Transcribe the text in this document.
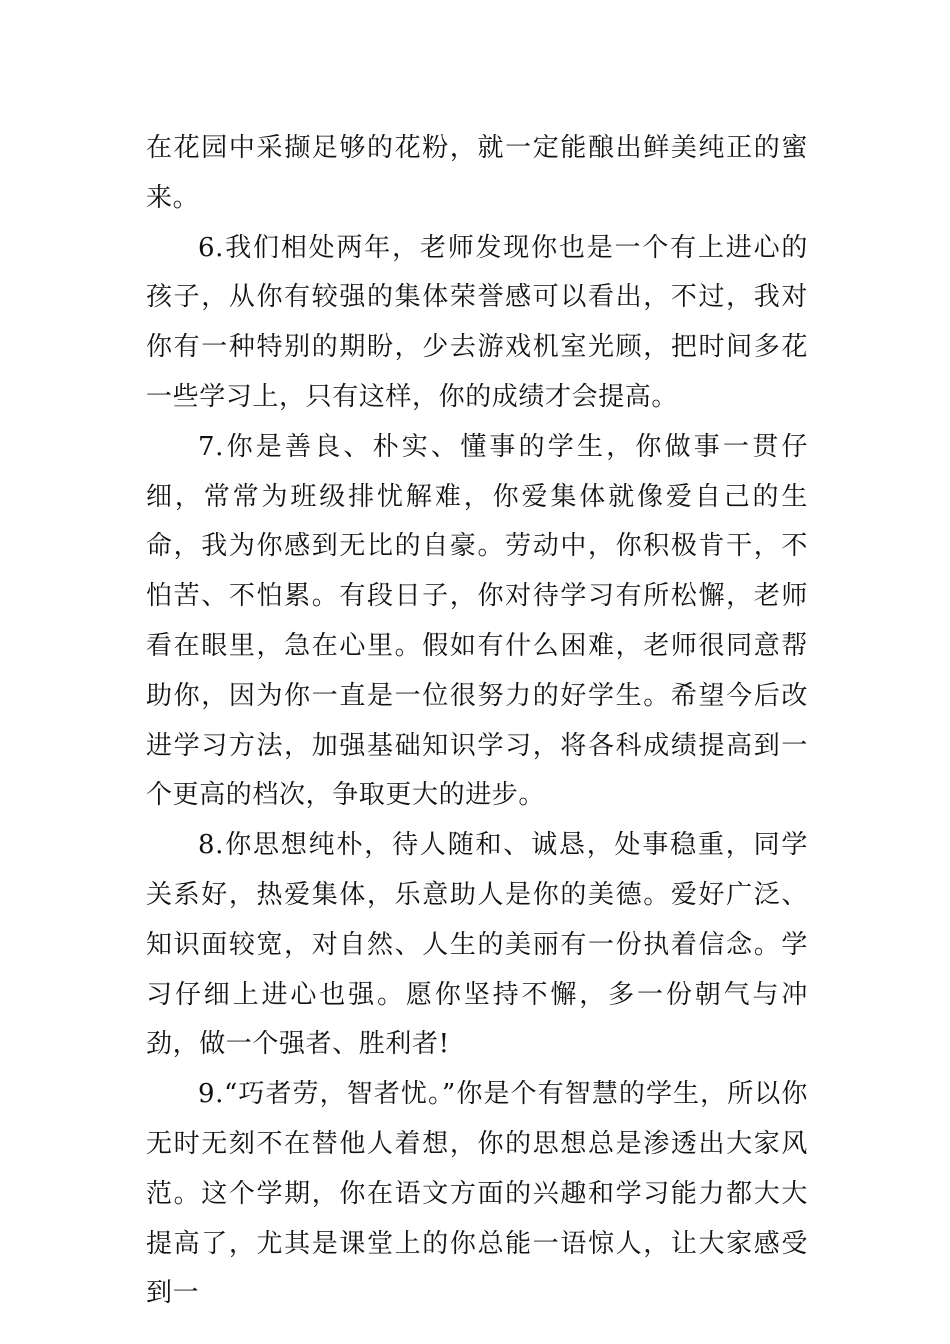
在花园中采撷足够的花粉，就一定能酿出鲜美纯正的蜜来。

6.我们相处两年，老师发现你也是一个有上进心的孩子，从你有较强的集体荣誉感可以看出，不过，我对你有一种特别的期盼，少去游戏机室光顾，把时间多花一些学习上，只有这样，你的成绩才会提高。

7.你是善良、朴实、懂事的学生，你做事一贯仔细，常常为班级排忧解难，你爱集体就像爱自己的生命，我为你感到无比的自豪。劳动中，你积极肯干，不怕苦、不怕累。有段日子，你对待学习有所松懈，老师看在眼里，急在心里。假如有什么困难，老师很同意帮助你，因为你一直是一位很努力的好学生。希望今后改进学习方法，加强基础知识学习，将各科成绩提高到一个更高的档次，争取更大的进步。

8.你思想纯朴，待人随和、诚恳，处事稳重，同学关系好，热爱集体，乐意助人是你的美德。爱好广泛、知识面较宽，对自然、人生的美丽有一份执着信念。学习仔细上进心也强。愿你坚持不懈，多一份朝气与冲劲，做一个强者、胜利者!

9.“巧者劳，智者忧。”你是个有智慧的学生，所以你无时无刻不在替他人着想，你的思想总是渗透出大家风范。这个学期，你在语文方面的兴趣和学习能力都大大提高了，尤其是课堂上的你总能一语惊人，让大家感受到一
